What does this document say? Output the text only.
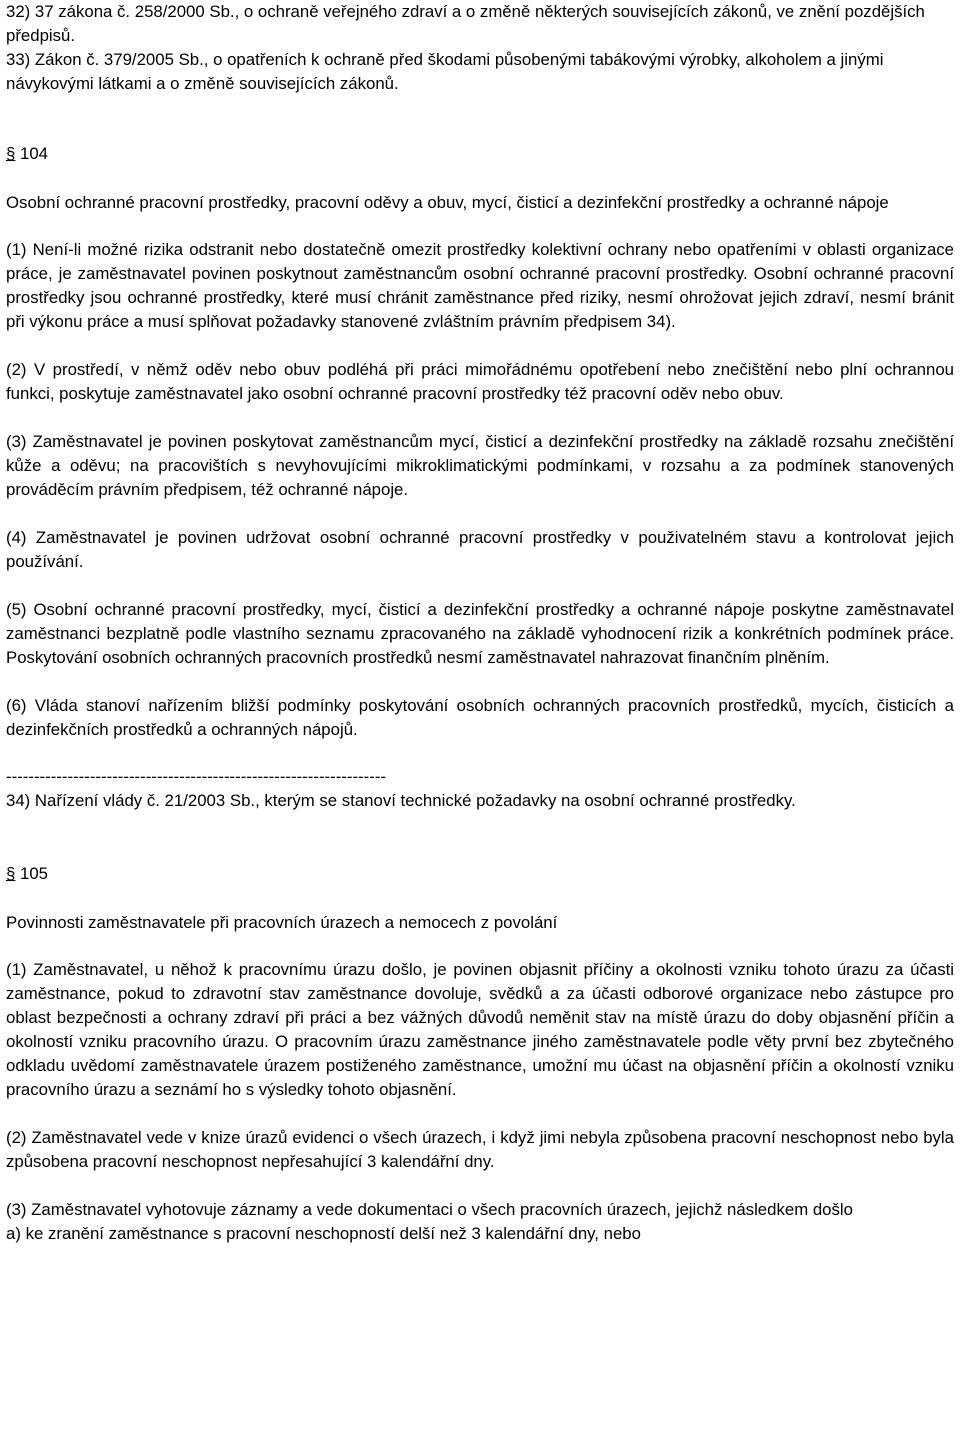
32) 37 zákona č. 258/2000 Sb., o ochraně veřejného zdraví a o změně některých souvisejících zákonů, ve znění pozdějších předpisů.

33) Zákon č. 379/2005 Sb., o opatřeních k ochraně před škodami působenými tabákovými výrobky, alkoholem a jinými návykovými látkami a o změně souvisejících zákonů.

§ 104

Osobní ochranné pracovní prostředky, pracovní oděvy a obuv, mycí, čisticí a dezinfekční prostředky a ochranné nápoje

(1) Není-li možné rizika odstranit nebo dostatečně omezit prostředky kolektivní ochrany nebo opatřeními v oblasti organizace práce, je zaměstnavatel povinen poskytnout zaměstnancům osobní ochranné pracovní prostředky. Osobní ochranné pracovní prostředky jsou ochranné prostředky, které musí chránit zaměstnance před riziky, nesmí ohrožovat jejich zdraví, nesmí bránit při výkonu práce a musí splňovat požadavky stanovené zvláštním právním předpisem 34).

(2) V prostředí, v němž oděv nebo obuv podléhá při práci mimořádnému opotřebení nebo znečištění nebo plní ochrannou funkci, poskytuje zaměstnavatel jako osobní ochranné pracovní prostředky též pracovní oděv nebo obuv.

(3) Zaměstnavatel je povinen poskytovat zaměstnancům mycí, čisticí a dezinfekční prostředky na základě rozsahu znečištění kůže a oděvu; na pracovištích s nevyhovujícími mikroklimatickými podmínkami, v rozsahu a za podmínek stanovených prováděcím právním předpisem, též ochranné nápoje.

(4) Zaměstnavatel je povinen udržovat osobní ochranné pracovní prostředky v použivatelném stavu a kontrolovat jejich používání.

(5) Osobní ochranné pracovní prostředky, mycí, čisticí a dezinfekční prostředky a ochranné nápoje poskytne zaměstnavatel zaměstnanci bezplatně podle vlastního seznamu zpracovaného na základě vyhodnocení rizik a konkrétních podmínek práce. Poskytování osobních ochranných pracovních prostředků nesmí zaměstnavatel nahrazovat finančním plněním.

(6) Vláda stanoví nařízením bližší podmínky poskytování osobních ochranných pracovních prostředků, mycích, čisticích a dezinfekčních prostředků a ochranných nápojů.

--------------------------------------------------------------------

34) Nařízení vlády č. 21/2003 Sb., kterým se stanoví technické požadavky na osobní ochranné prostředky.

§ 105

Povinnosti zaměstnavatele při pracovních úrazech a nemocech z povolání

(1) Zaměstnavatel, u něhož k pracovnímu úrazu došlo, je povinen objasnit příčiny a okolnosti vzniku tohoto úrazu za účasti zaměstnance, pokud to zdravotní stav zaměstnance dovoluje, svědků a za účasti odborové organizace nebo zástupce pro oblast bezpečnosti a ochrany zdraví při práci a bez vážných důvodů neměnit stav na místě úrazu do doby objasnění příčin a okolností vzniku pracovního úrazu. O pracovním úrazu zaměstnance jiného zaměstnavatele podle věty první bez zbytečného odkladu uvědomí zaměstnavatele úrazem postiženého zaměstnance, umožní mu účast na objasnění příčin a okolností vzniku pracovního úrazu a seznámí ho s výsledky tohoto objasnění.

(2) Zaměstnavatel vede v knize úrazů evidenci o všech úrazech, i když jimi nebyla způsobena pracovní neschopnost nebo byla způsobena pracovní neschopnost nepřesahující 3 kalendářní dny.

(3) Zaměstnavatel vyhotovuje záznamy a vede dokumentaci o všech pracovních úrazech, jejichž následkem došlo

a) ke zranění zaměstnance s pracovní neschopností delší než 3 kalendářní dny, nebo
